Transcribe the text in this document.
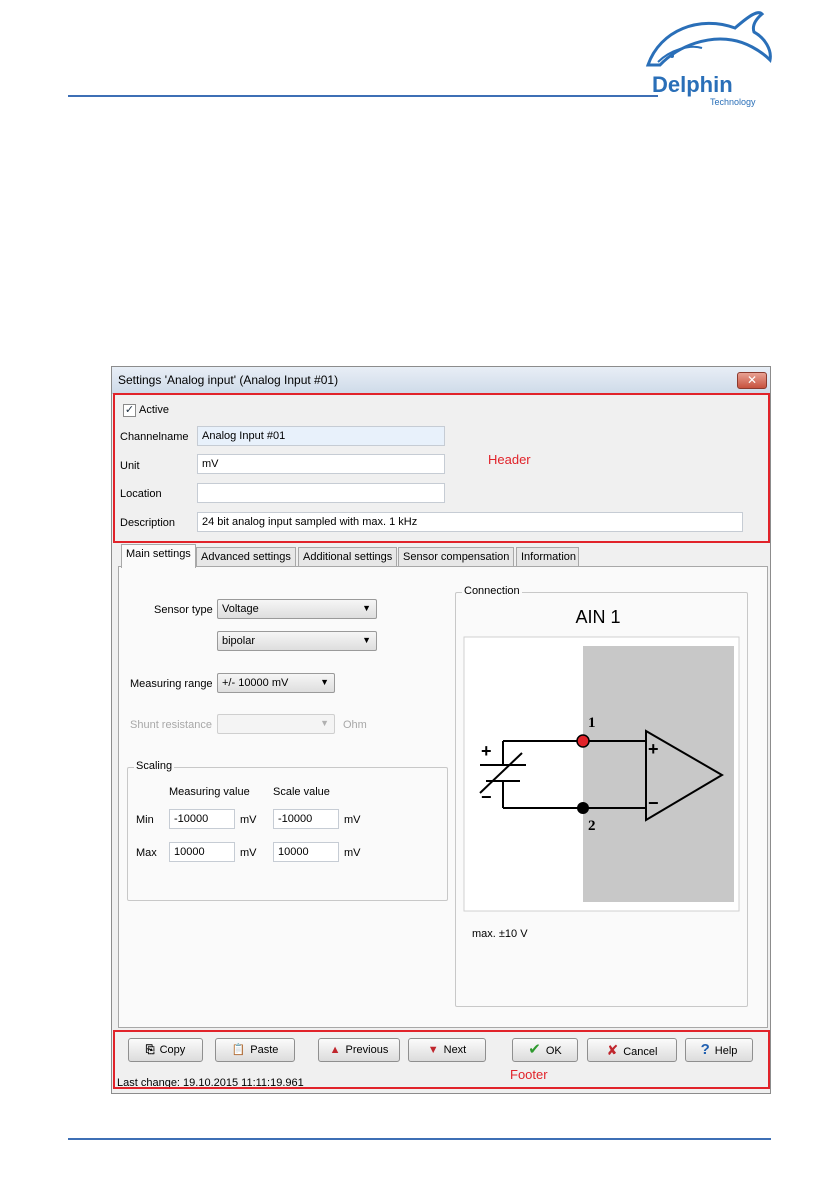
Delphin
Technology
Settings 'Analog input' (Analog Input #01)	✕
✓ Active
Channelname	Analog Input #01
Unit	mV
Location
Description	24 bit analog input sampled with max. 1 kHz
Header
Main settings Advanced settings	Additional settings Sensor compensation	Information
Sensor type Voltage	▼
bipolar	▼
Measuring range +/- 10000 mV	▼
Shunt resistance	▼ Ohm
Scaling
Measuring value Scale value
Min	-10000	mV	-10000	mV
Max	10000	mV	10000	mV
Connection
AIN 1
+
−
1
2
+
−
max. ±10 V
⎘ Copy	📋 Paste	▲ Previous	▼ Next	✔ OK	✘ Cancel	? Help
Last change: 19.10.2015 11:11:19.961
Footer
